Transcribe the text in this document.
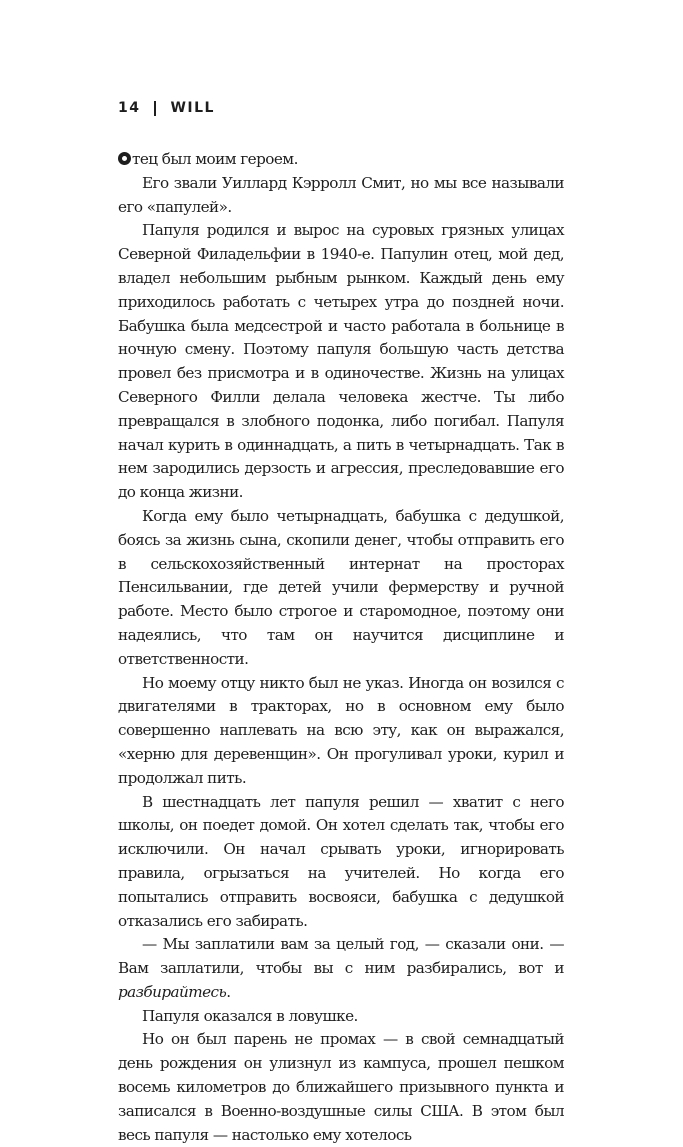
14 WILL

тец был моим героем.

Его звали Уиллард Кэрролл Смит, но мы все называли его «папулей».

Папуля родился и вырос на суровых грязных улицах Северной Филадельфии в 1940-е. Папулин отец, мой дед, владел небольшим рыбным рынком. Каждый день ему приходилось работать с четырех утра до поздней ночи. Бабушка была медсестрой и часто работала в больнице в ночную смену. Поэтому папуля большую часть детства провел без присмотра и в одиночестве. Жизнь на улицах Северного Филли делала человека жестче. Ты либо превращался в злобного подонка, либо погибал. Папуля начал курить в одиннадцать, а пить в четырнадцать. Так в нем зародились дерзость и агрессия, преследовавшие его до конца жизни.

Когда ему было четырнадцать, бабушка с дедушкой, боясь за жизнь сына, скопили денег, чтобы отправить его в сельскохозяйственный интернат на просторах Пенсильвании, где детей учили фермерству и ручной работе. Место было строгое и старомодное, поэтому они надеялись, что там он научится дисциплине и ответственности.

Но моему отцу никто был не указ. Иногда он возился с двигателями в тракторах, но в основном ему было совершенно наплевать на всю эту, как он выражался, «херню для деревенщин». Он прогуливал уроки, курил и продолжал пить.

В шестнадцать лет папуля решил — хватит с него школы, он поедет домой. Он хотел сделать так, чтобы его исключили. Он начал срывать уроки, игнорировать правила, огрызаться на учителей. Но когда его попытались отправить восвояси, бабушка с дедушкой отказались его забирать.

— Мы заплатили вам за целый год, — сказали они. — Вам заплатили, чтобы вы с ним разбирались, вот и разбирайтесь.

Папуля оказался в ловушке.

Но он был парень не промах — в свой семнадцатый день рождения он улизнул из кампуса, прошел пешком восемь километров до ближайшего призывного пункта и записался в Военно-воздушные силы США. В этом был весь папуля — настолько ему хотелось
